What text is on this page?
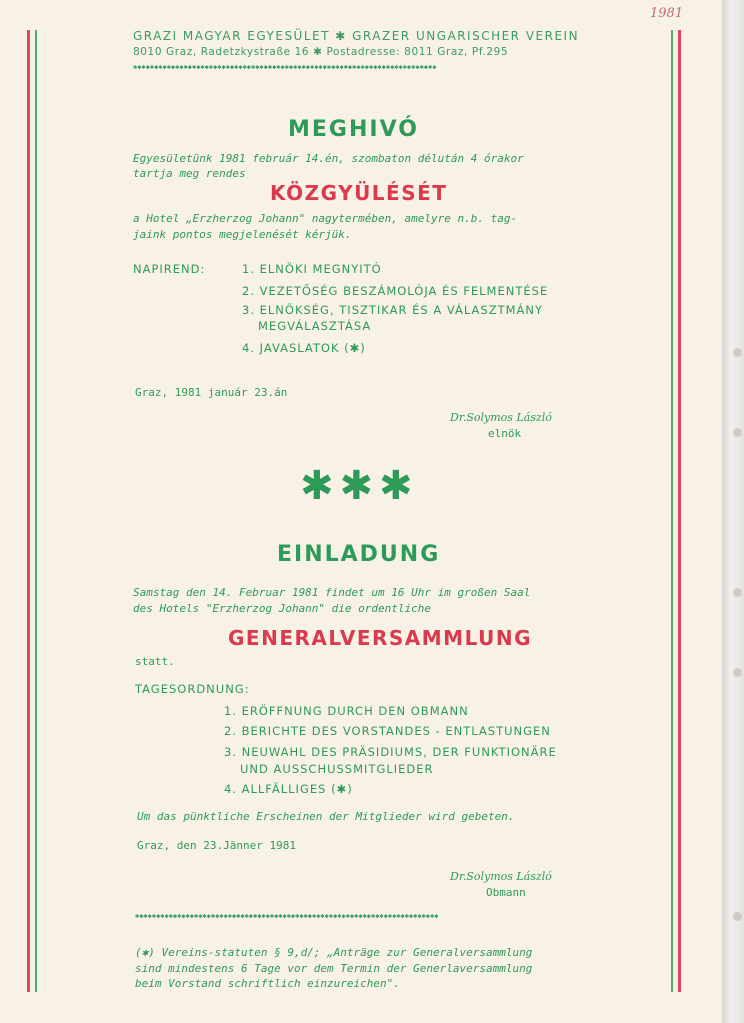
1981
GRAZI MAGYAR EGYESÜLET ✱ GRAZER UNGARISCHER VEREIN
8010 Graz, Radetzkystraße 16 ✱ Postadresse: 8011 Graz, Pf.295
✱◆✱◆✱◆✱◆✱◆✱◆✱◆✱◆✱◆✱◆✱◆✱◆✱◆✱◆✱◆✱◆✱◆✱◆✱◆✱◆✱◆✱◆✱◆✱◆✱◆✱◆✱◆✱◆✱◆✱◆✱◆✱◆✱◆✱◆✱◆✱◆
MEGHIVÓ
Egyesületünk 1981 február 14.én, szombaton délután 4 órakor
tartja meg rendes
KÖZGYÜLÉSÉT
a Hotel „Erzherzog Johann" nagytermében, amelyre n.b. tag-
jaink pontos megjelenését kérjük.
NAPIREND:	1. ELNÖKI MEGNYITÓ
2. VEZETŐSÉG BESZÁMOLÓJA ÉS FELMENTÉSE
3. ELNÖKSÉG, TISZTIKAR ÉS A VÁLASZTMÁNY
MEGVÁLASZTÁSA
4. JAVASLATOK (✱)
Graz, 1981 január 23.án
Dr.Solymos László
elnök
✱✱✱
EINLADUNG
Samstag den 14. Februar 1981 findet um 16 Uhr im großen Saal
des Hotels "Erzherzog Johann" die ordentliche
GENERALVERSAMMLUNG
statt.
TAGESORDNUNG:
1. ERÖFFNUNG DURCH DEN OBMANN
2. BERICHTE DES VORSTANDES - ENTLASTUNGEN
3. NEUWAHL DES PRÄSIDIUMS, DER FUNKTIONÄRE
UND AUSSCHUSSMITGLIEDER
4. ALLFÄLLIGES (✱)
Um das pünktliche Erscheinen der Mitglieder wird gebeten.
Graz, den 23.Jänner 1981
Dr.Solymos László
Obmann
✱◆✱◆✱◆✱◆✱◆✱◆✱◆✱◆✱◆✱◆✱◆✱◆✱◆✱◆✱◆✱◆✱◆✱◆✱◆✱◆✱◆✱◆✱◆✱◆✱◆✱◆✱◆✱◆✱◆✱◆✱◆✱◆✱◆✱◆✱◆✱◆
(✱) Vereins-statuten § 9,d/; „Anträge zur Generalversammlung
sind mindestens 6 Tage vor dem Termin der Generlaversammlung
beim Vorstand schriftlich einzureichen".
